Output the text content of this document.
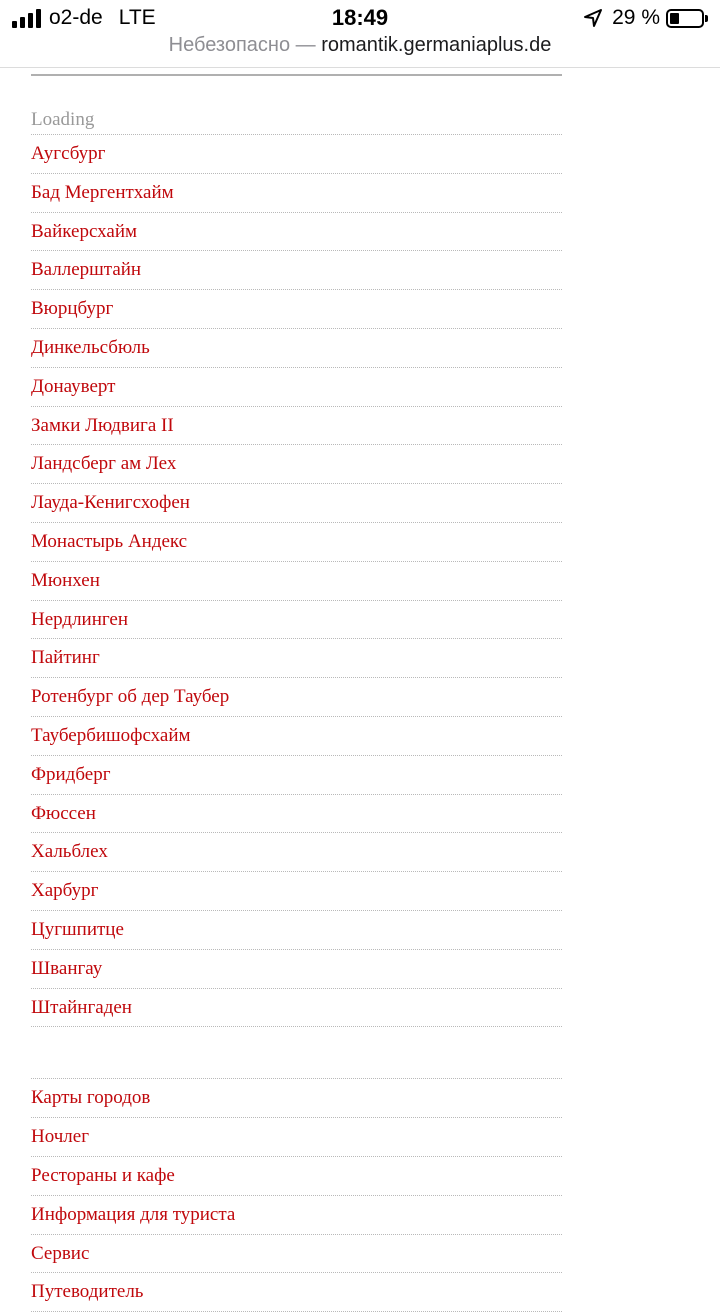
o2-de LTE	18:49	29 %
Небезопасно — romantik.germaniaplus.de
Loading
Аугсбург
Бад Мергентхайм
Вайкерсхайм
Валлерштайн
Вюрцбург
Динкельсбюль
Донауверт
Замки Людвига II
Ландсберг ам Лех
Лауда-Кенигсхофен
Монастырь Андекс
Мюнхен
Нердлинген
Пайтинг
Ротенбург об дер Таубер
Таубербишофсхайм
Фридберг
Фюссен
Хальблех
Харбург
Цугшпитце
Швангау
Штайнгаден
Карты городов
Ночлег
Рестораны и кафе
Информация для туриста
Сервис
Путеводитель
